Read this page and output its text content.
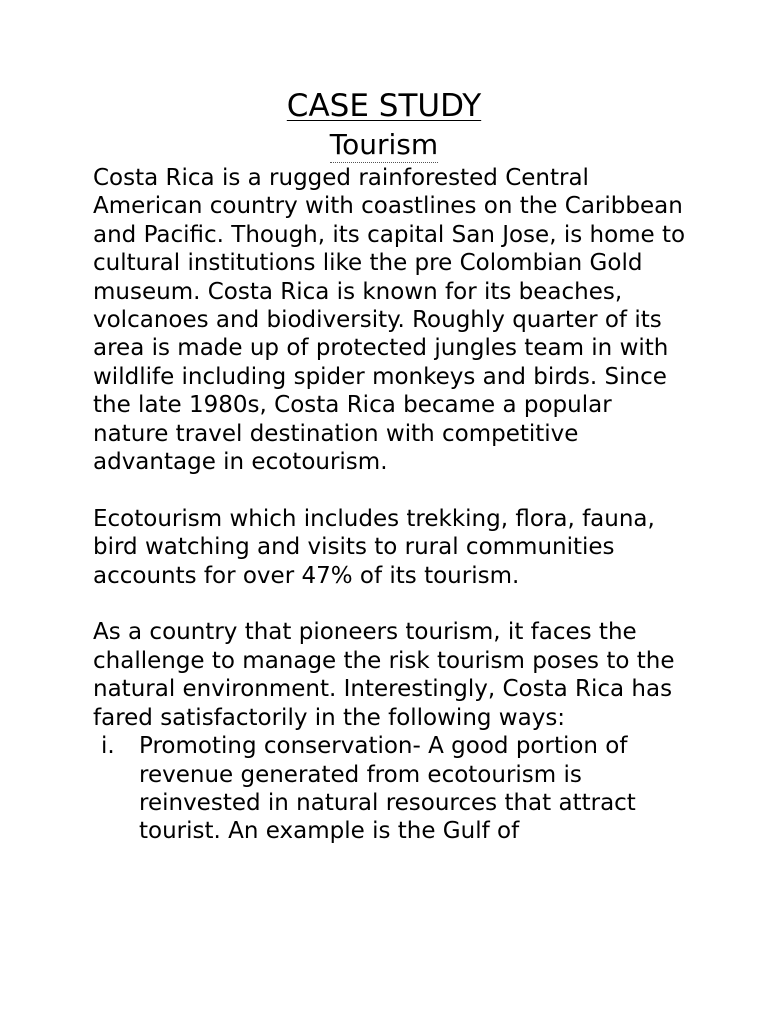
CASE STUDY
Tourism

Costa Rica is a rugged rainforested Central American country with coastlines on the Caribbean and Pacific. Though, its capital San Jose, is home to cultural institutions like the pre Colombian Gold museum. Costa Rica is known for its beaches, volcanoes and biodiversity. Roughly quarter of its area is made up of protected jungles team in with wildlife including spider monkeys and birds. Since the late 1980s, Costa Rica became a popular nature travel destination with competitive advantage in ecotourism.

Ecotourism which includes trekking, flora, fauna, bird watching and visits to rural communities accounts for over 47% of its tourism.

As a country that pioneers tourism, it faces the challenge to manage the risk tourism poses to the natural environment. Interestingly, Costa Rica has fared satisfactorily in the following ways:

i. Promoting conservation- A good portion of revenue generated from ecotourism is reinvested in natural resources that attract tourist. An example is the Gulf of
